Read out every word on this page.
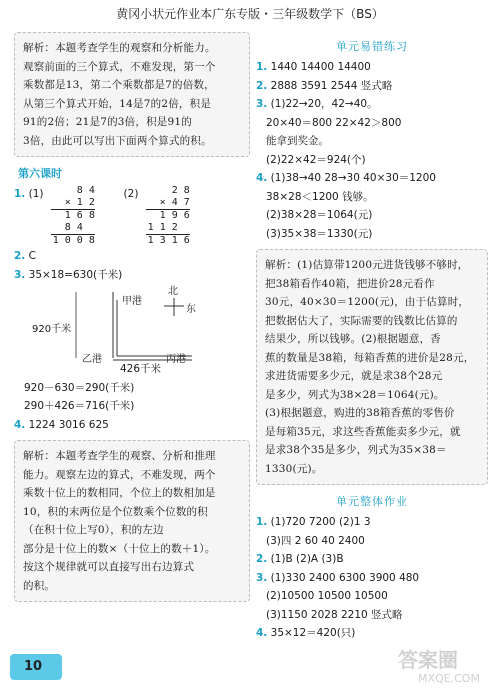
黄冈小状元作业本广东专版・三年级数学下（BS）
解析：本题考查学生的观察和分析能力。
观察前面的三个算式，不难发现，第一个
乘数都是13，第二个乘数都是7的倍数，
从第三个算式开始，14是7的2倍，积是
91的2倍；21是7的3倍，积是91的
3倍，由此可以写出下面两个算式的积。
第六课时
1. (1)	8 4
× 1 2
1 6 8
8 4
1 0 0 8
(2)	2 8
× 4 7
1 9 6
1 1 2
1 3 1 6
2. C
3. 35×18=630(千米)
北
东
甲港
920千米
乙港	丙港
426千米
920－630＝290(千米)
290＋426＝716(千米)
4. 1224 3016 625
解析：本题考查学生的观察、分析和推理
能力。观察左边的算式，不难发现，两个
乘数十位上的数相同，个位上的数相加是
10，积的末两位是个位数乘个位数的积
（在积十位上写0），积的左边
部分是十位上的数×（十位上的数＋1）。
按这个规律就可以直接写出右边算式
的积。
单元易错练习
1. 1440 14400 14400
2. 2888 3591 2544 竖式略
3. (1)22→20，42→40。
20×40＝800 22×42＞800
能拿到奖金。
(2)22×42＝924(个)
4. (1)38→40 28→30 40×30＝1200
38×28＜1200 钱够。
(2)38×28＝1064(元)
(3)35×38＝1330(元)
解析：(1)估算带1200元进货钱够不够时，
把38箱看作40箱，把进价28元看作
30元，40×30＝1200(元)，由于估算时，
把数据估大了，实际需要的钱数比估算的
结果少，所以钱够。(2)根据题意，香
蕉的数量是38箱，每箱香蕉的进价是28元，
求进货需要多少元，就是求38个28元
是多少，列式为38×28＝1064(元)。
(3)根据题意，购进的38箱香蕉的零售价
是每箱35元，求这些香蕉能卖多少元，就
是求38个35是多少，列式为35×38＝
1330(元)。
单元整体作业
1. (1)720 7200 (2)1 3
(3)四 2 60 40 2400
2. (1)B (2)A (3)B
3. (1)330 2400 6300 3900 480
(2)10500 10500 10500
(3)1150 2028 2210 竖式略
4. 35×12＝420(只)
10	答案圈
MXQE.COM
